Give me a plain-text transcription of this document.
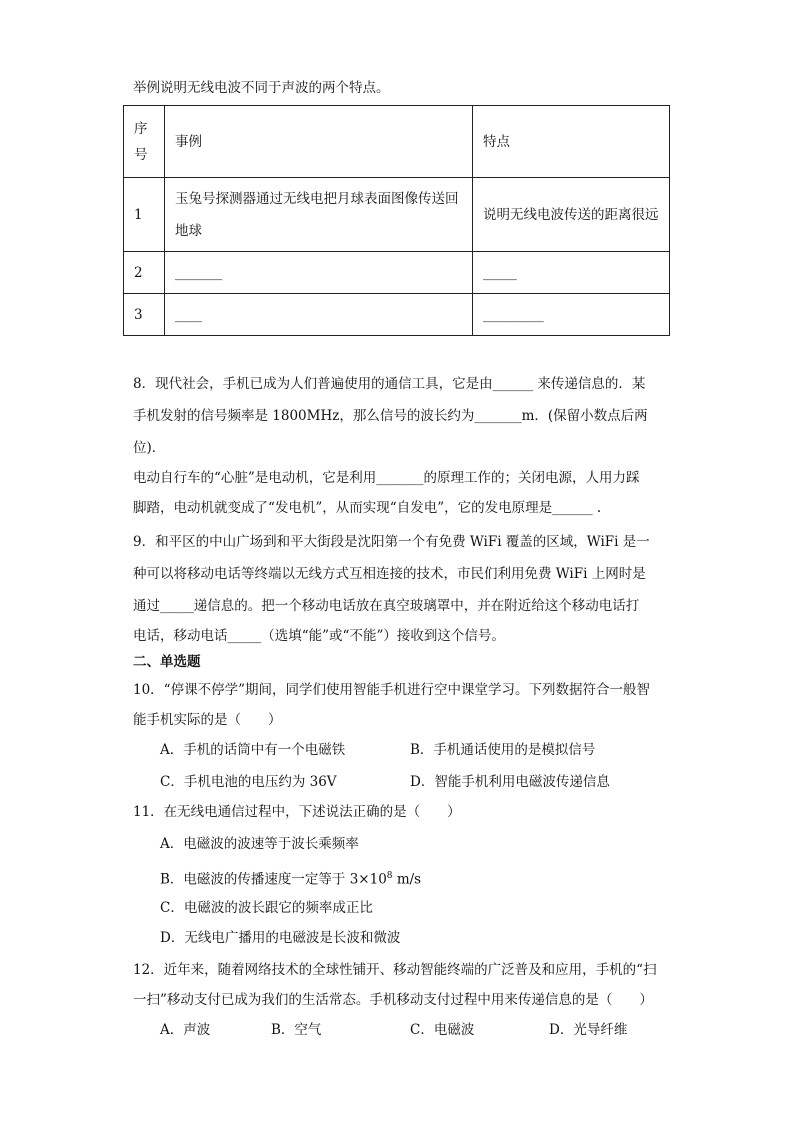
举例说明无线电波不同于声波的两个特点。
序号	事例	特点
1	玉兔号探测器通过无线电把月球表面图像传送回地球	说明无线电波传送的距离很远
2	_______	_____
3	____	_________
8．现代社会，手机已成为人们普遍使用的通信工具，它是由______ 来传递信息的．某
手机发射的信号频率是 1800MHz，那么信号的波长约为_______m．(保留小数点后两
位)．
电动自行车的“心脏”是电动机，它是利用_______的原理工作的；关闭电源，人用力踩
脚踏，电动机就变成了“发电机”，从而实现“自发电”，它的发电原理是______ .
9．和平区的中山广场到和平大街段是沈阳第一个有免费 WiFi 覆盖的区域，WiFi 是一
种可以将移动电话等终端以无线方式互相连接的技术，市民们利用免费 WiFi 上网时是
通过_____递信息的。把一个移动电话放在真空玻璃罩中，并在附近给这个移动电话打
电话，移动电话_____（选填“能”或“不能”）接收到这个信号。
二、单选题
10．“停课不停学”期间，同学们使用智能手机进行空中课堂学习。下列数据符合一般智
能手机实际的是（　　）
A．手机的话筒中有一个电磁铁	B．手机通话使用的是模拟信号
C．手机电池的电压约为 36V	D．智能手机利用电磁波传递信息
11．在无线电通信过程中，下述说法正确的是（　　）
A．电磁波的波速等于波长乘频率
B．电磁波的传播速度一定等于 $3\times 10^8$ m/s
C．电磁波的波长跟它的频率成正比
D．无线电广播用的电磁波是长波和微波
12．近年来，随着网络技术的全球性铺开、移动智能终端的广泛普及和应用，手机的“扫
一扫”移动支付已成为我们的生活常态。手机移动支付过程中用来传递信息的是（　　）
A．声波	B．空气	C．电磁波	D．光导纤维
